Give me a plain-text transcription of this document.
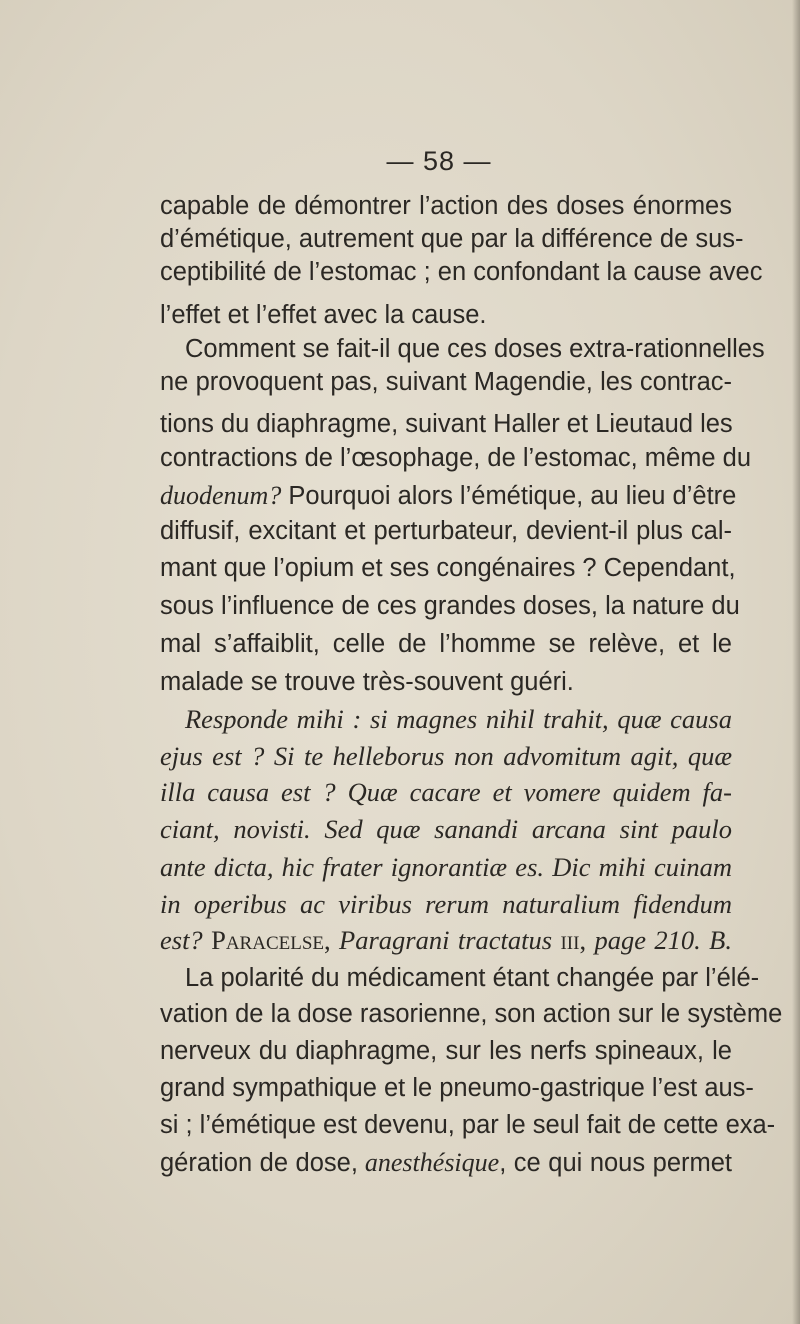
— 58 —
capable de démontrer l’action des doses énormes
d’émétique, autrement que par la différence de sus-
ceptibilité de l’estomac ; en confondant la cause avec
l’effet et l’effet avec la cause.
Comment se fait-il que ces doses extra-rationnelles
ne provoquent pas, suivant Magendie, les contrac-
tions du diaphragme, suivant Haller et Lieutaud les
contractions de l’œsophage, de l’estomac, même du
duodenum? Pourquoi alors l’émétique, au lieu d’être
diffusif, excitant et perturbateur, devient-il plus cal-
mant que l’opium et ses congénaires ? Cependant,
sous l’influence de ces grandes doses, la nature du
mal s’affaiblit, celle de l’homme se relève, et le
malade se trouve très-souvent guéri.
Responde mihi : si magnes nihil trahit, quæ causa
ejus est ? Si te helleborus non advomitum agit, quæ
illa causa est ? Quæ cacare et vomere quidem fa-
ciant, novisti. Sed quæ sanandi arcana sint paulo
ante dicta, hic frater ignorantiæ es. Dic mihi cuinam
in operibus ac viribus rerum naturalium fidendum
est? Paracelse, Paragrani tractatus iii, page 210. B.
La polarité du médicament étant changée par l’élé-
vation de la dose rasorienne, son action sur le système
nerveux du diaphragme, sur les nerfs spineaux, le
grand sympathique et le pneumo-gastrique l’est aus-
si ; l’émétique est devenu, par le seul fait de cette exa-
gération de dose, anesthésique, ce qui nous permet
